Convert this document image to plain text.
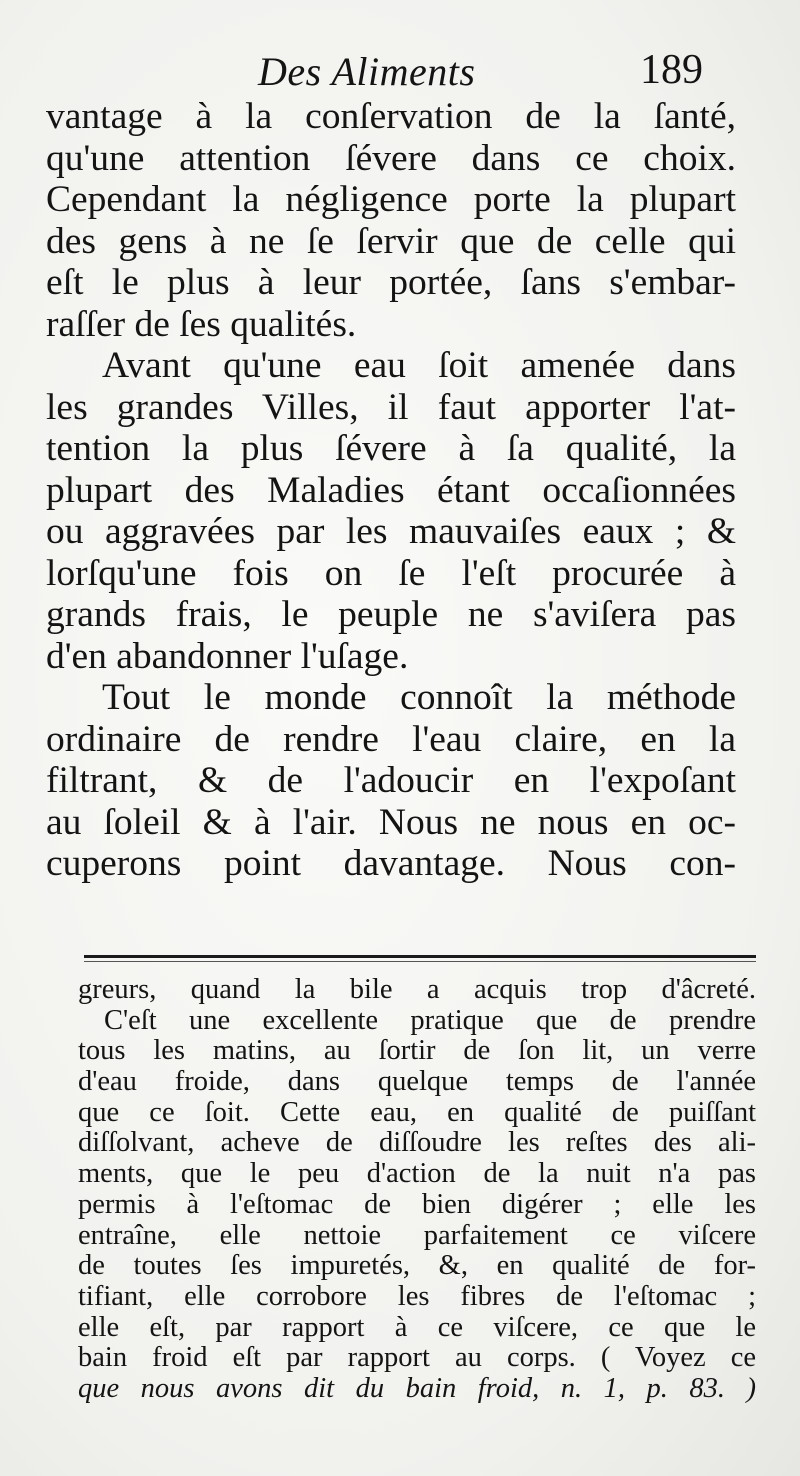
Des Aliments	189
vantage à la conſervation de la ſanté,
qu'une attention ſévere dans ce choix.
Cependant la négligence porte la plupart
des gens à ne ſe ſervir que de celle qui
eſt le plus à leur portée, ſans s'embar-
raſſer de ſes qualités.
Avant qu'une eau ſoit amenée dans
les grandes Villes, il faut apporter l'at-
tention la plus ſévere à ſa qualité, la
plupart des Maladies étant occaſionnées
ou aggravées par les mauvaiſes eaux ; &
lorſqu'une fois on ſe l'eſt procurée à
grands frais, le peuple ne s'aviſera pas
d'en abandonner l'uſage.
Tout le monde connoît la méthode
ordinaire de rendre l'eau claire, en la
filtrant, & de l'adoucir en l'expoſant
au ſoleil & à l'air. Nous ne nous en oc-
cuperons point davantage. Nous con-
greurs, quand la bile a acquis trop d'âcreté.
C'eſt une excellente pratique que de prendre
tous les matins, au ſortir de ſon lit, un verre
d'eau froide, dans quelque temps de l'année
que ce ſoit. Cette eau, en qualité de puiſſant
diſſolvant, acheve de diſſoudre les reſtes des ali-
ments, que le peu d'action de la nuit n'a pas
permis à l'eſtomac de bien digérer ; elle les
entraîne, elle nettoie parfaitement ce viſcere
de toutes ſes impuretés, &, en qualité de for-
tifiant, elle corrobore les fibres de l'eſtomac ;
elle eſt, par rapport à ce viſcere, ce que le
bain froid eſt par rapport au corps. ( Voyez ce
que nous avons dit du bain froid, n. 1, p. 83. )
